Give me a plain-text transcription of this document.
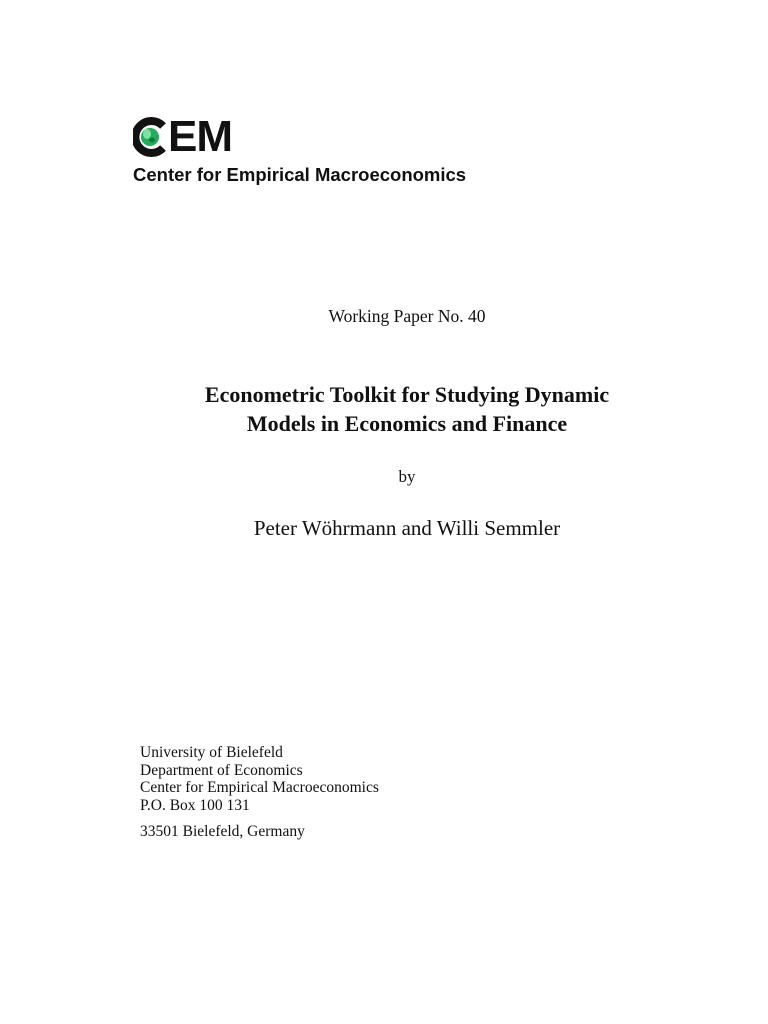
EM
Center for Empirical Macroeconomics
Working Paper No. 40
Econometric Toolkit for Studying Dynamic
Models in Economics and Finance
by
Peter Wöhrmann and Willi Semmler
University of Bielefeld
Department of Economics
Center for Empirical Macroeconomics
P.O. Box 100 131
33501 Bielefeld, Germany
